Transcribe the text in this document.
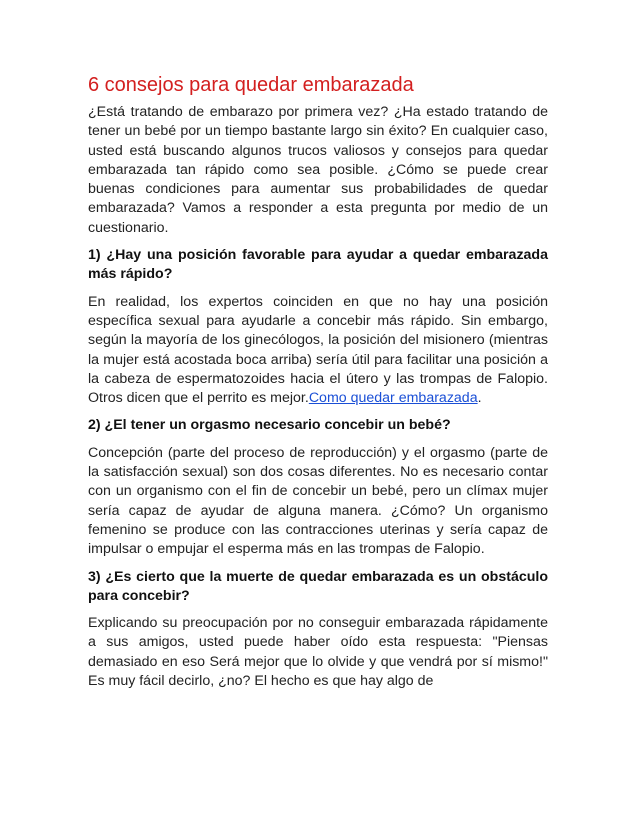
6 consejos para quedar embarazada

¿Está tratando de embarazo por primera vez? ¿Ha estado tratando de tener un bebé por un tiempo bastante largo sin éxito? En cualquier caso, usted está buscando algunos trucos valiosos y consejos para quedar embarazada tan rápido como sea posible. ¿Cómo se puede crear buenas condiciones para aumentar sus probabilidades de quedar embarazada? Vamos a responder a esta pregunta por medio de un cuestionario.

1) ¿Hay una posición favorable para ayudar a quedar embarazada más rápido?

En realidad, los expertos coinciden en que no hay una posición específica sexual para ayudarle a concebir más rápido. Sin embargo, según la mayoría de los ginecólogos, la posición del misionero (mientras la mujer está acostada boca arriba) sería útil para facilitar una posición a la cabeza de espermatozoides hacia el útero y las trompas de Falopio. Otros dicen que el perrito es mejor.Como quedar embarazada.

2) ¿El tener un orgasmo necesario concebir un bebé?

Concepción (parte del proceso de reproducción) y el orgasmo (parte de la satisfacción sexual) son dos cosas diferentes. No es necesario contar con un organismo con el fin de concebir un bebé, pero un clímax mujer sería capaz de ayudar de alguna manera. ¿Cómo? Un organismo femenino se produce con las contracciones uterinas y sería capaz de impulsar o empujar el esperma más en las trompas de Falopio.

3) ¿Es cierto que la muerte de quedar embarazada es un obstáculo para concebir?

Explicando su preocupación por no conseguir embarazada rápidamente a sus amigos, usted puede haber oído esta respuesta: "Piensas demasiado en eso Será mejor que lo olvide y que vendrá por sí mismo!" Es muy fácil decirlo, ¿no? El hecho es que hay algo de
